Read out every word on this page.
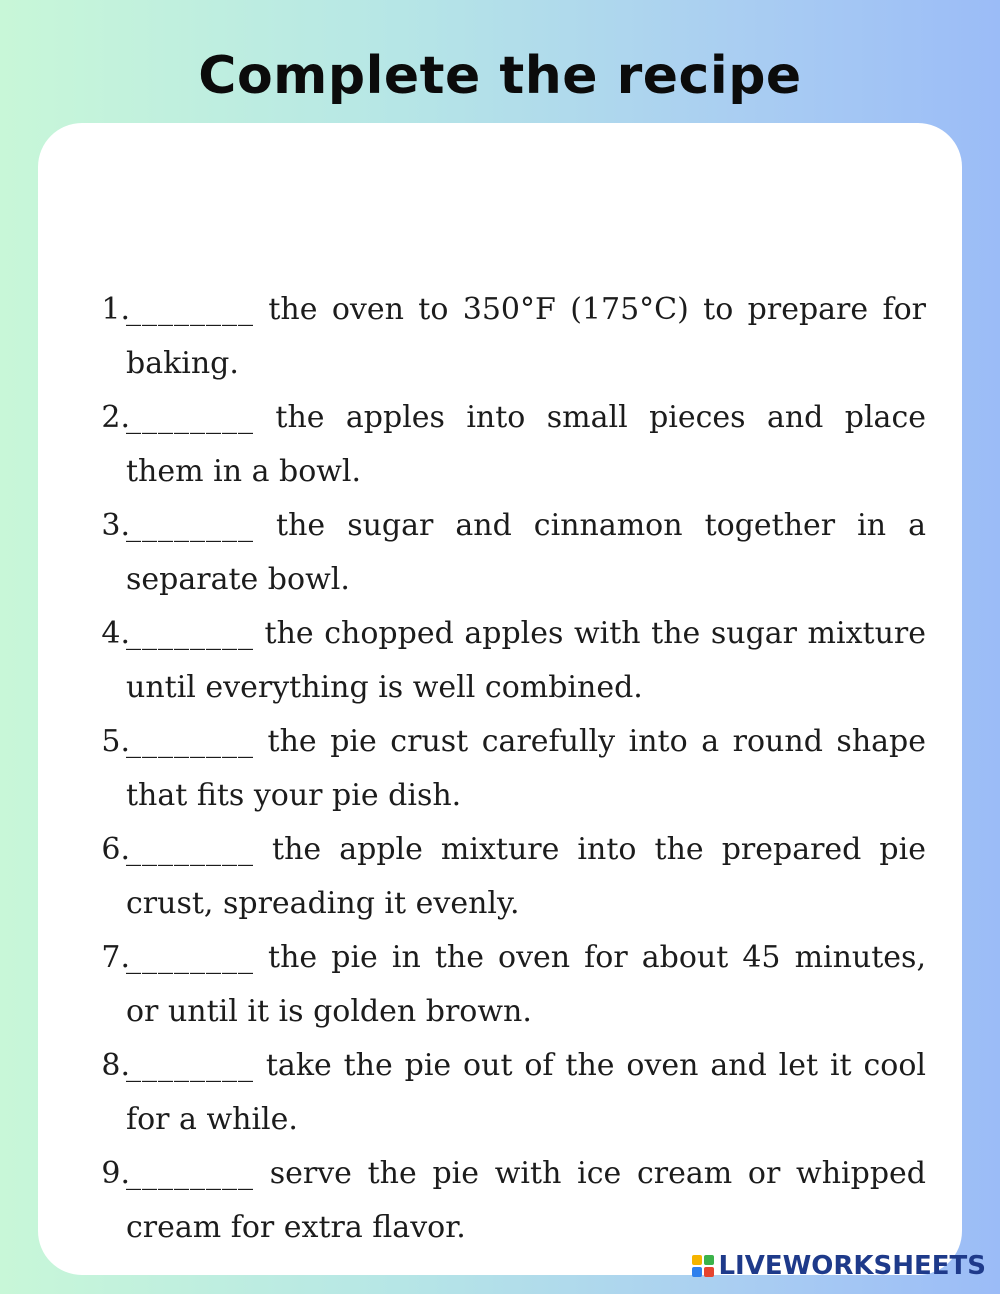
Complete the recipe
1.
________ the oven to 350°F (175°C) to prepare for baking.
2.
________ the apples into small pieces and place them in a bowl.
3.
________ the sugar and cinnamon together in a separate bowl.
4.
________ the chopped apples with the sugar mixture until everything is well combined.
5.
________ the pie crust carefully into a round shape that fits your pie dish.
6.
________ the apple mixture into the prepared pie crust, spreading it evenly.
7.
________ the pie in the oven for about 45 minutes, or until it is golden brown.
8.
________ take the pie out of the oven and let it cool for a while.
9.
________ serve the pie with ice cream or whipped cream for extra flavor.
LIVEWORKSHEETS
